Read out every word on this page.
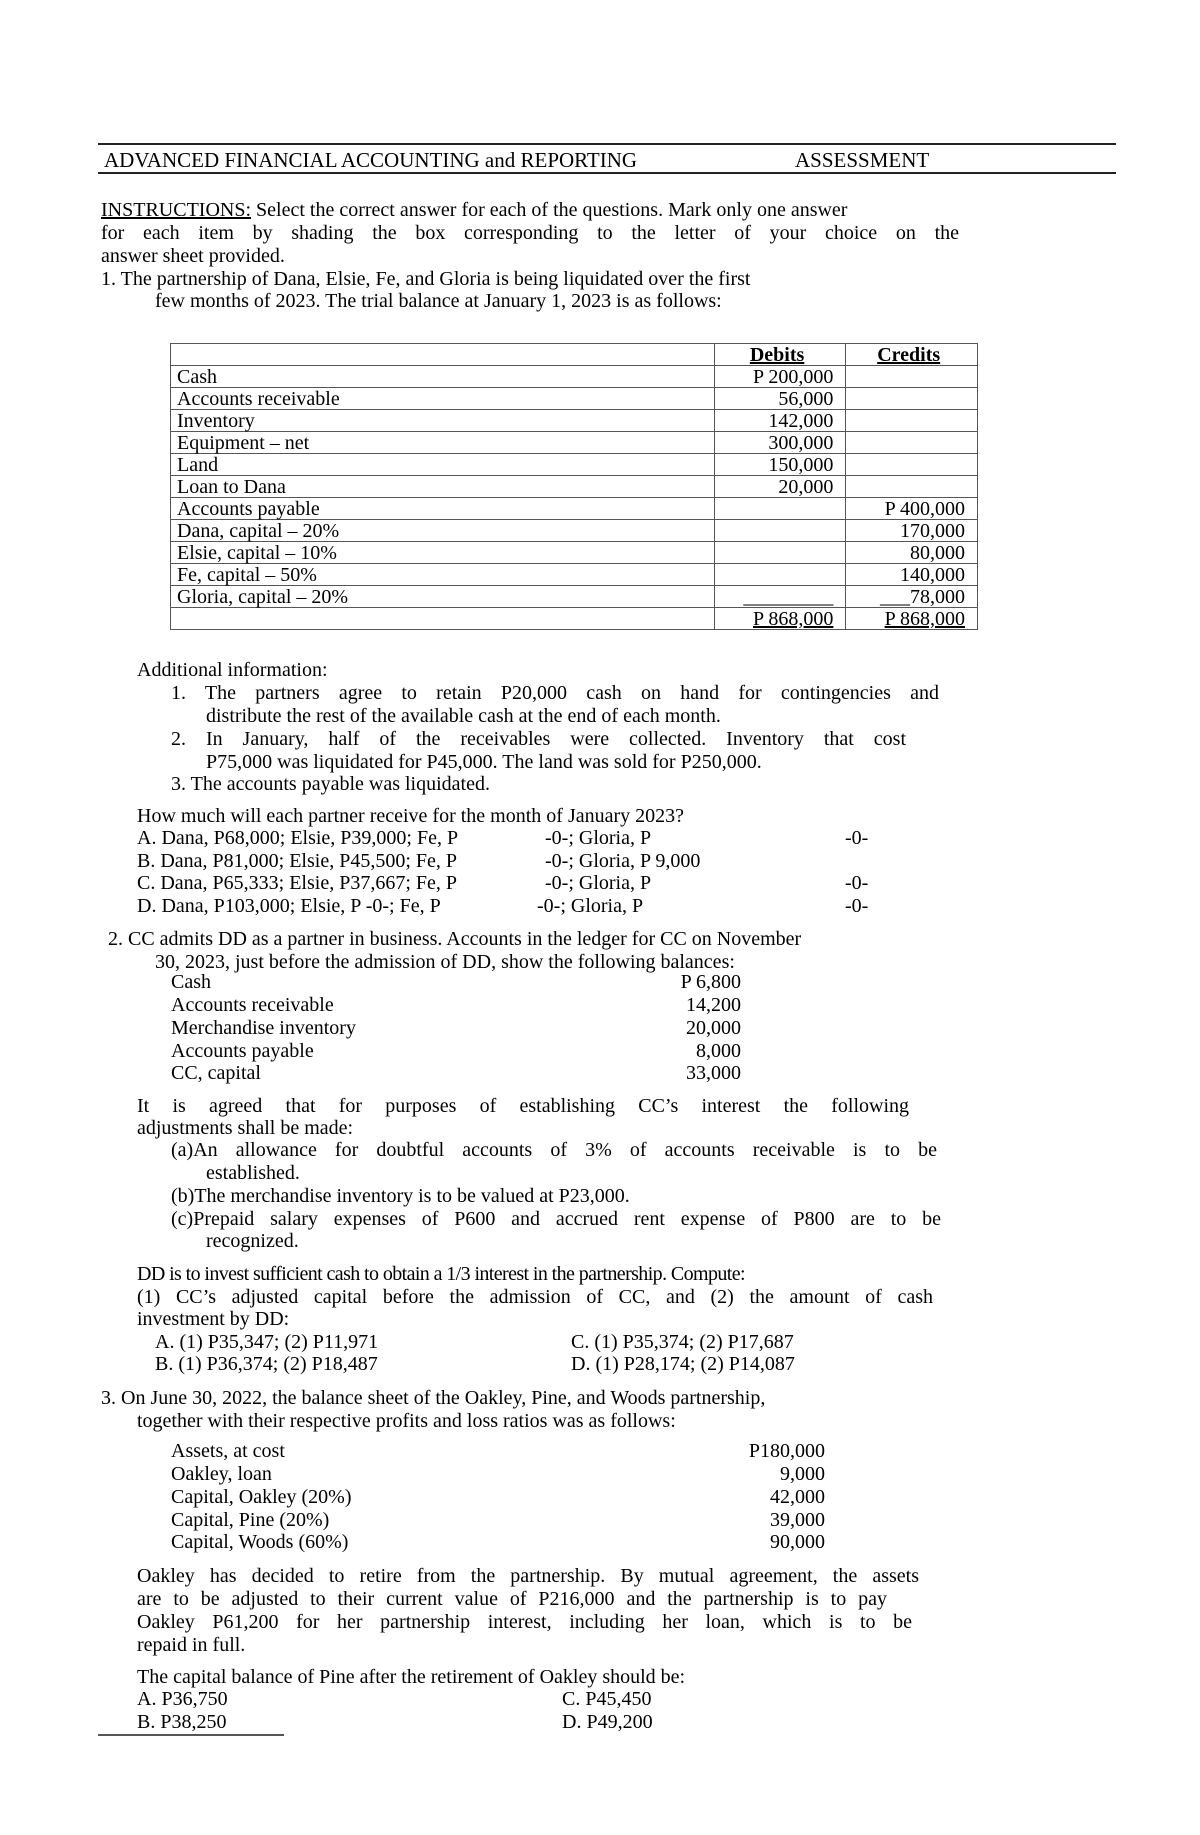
ADVANCED FINANCIAL ACCOUNTING and REPORTING	ASSESSMENT
INSTRUCTIONS: Select the correct answer for each of the questions. Mark only one answer
for each item by shading the box corresponding to the letter of your choice on the
answer sheet provided.
1. The partnership of Dana, Elsie, Fe, and Gloria is being liquidated over the first
few months of 2023. The trial balance at January 1, 2023 is as follows:
	Debits	Credits
Cash	P 200,000	
Accounts receivable	56,000	
Inventory	142,000	
Equipment – net	300,000	
Land	150,000	
Loan to Dana	20,000	
Accounts payable		P 400,000
Dana, capital – 20%		170,000
Elsie, capital – 10%		80,000
Fe, capital – 50%		140,000
Gloria, capital – 20%	_________	___78,000
	P 868,000	P 868,000
Additional information:
1. The partners agree to retain P20,000 cash on hand for contingencies and
distribute the rest of the available cash at the end of each month.
2. In January, half of the receivables were collected. Inventory that cost
P75,000 was liquidated for P45,000. The land was sold for P250,000.
3. The accounts payable was liquidated.
How much will each partner receive for the month of January 2023?
A. Dana, P68,000; Elsie, P39,000; Fe, P	-0-; Gloria, P	-0-
B. Dana, P81,000; Elsie, P45,500; Fe, P	-0-; Gloria, P 9,000
C. Dana, P65,333; Elsie, P37,667; Fe, P	-0-; Gloria, P	-0-
D. Dana, P103,000; Elsie, P -0-; Fe, P	-0-; Gloria, P	-0-
2. CC admits DD as a partner in business. Accounts in the ledger for CC on November
30, 2023, just before the admission of DD, show the following balances:
Cash	P 6,800
Accounts receivable	14,200
Merchandise inventory	20,000
Accounts payable	8,000
CC, capital	33,000
It is agreed that for purposes of establishing CC’s interest the following
adjustments shall be made:
(a)An allowance for doubtful accounts of 3% of accounts receivable is to be
established.
(b)The merchandise inventory is to be valued at P23,000.
(c)Prepaid salary expenses of P600 and accrued rent expense of P800 are to be
recognized.
DD is to invest sufficient cash to obtain a 1/3 interest in the partnership. Compute:
(1) CC’s adjusted capital before the admission of CC, and (2) the amount of cash
investment by DD:
A. (1) P35,347; (2) P11,971	C. (1) P35,374; (2) P17,687
B. (1) P36,374; (2) P18,487	D. (1) P28,174; (2) P14,087
3. On June 30, 2022, the balance sheet of the Oakley, Pine, and Woods partnership,
together with their respective profits and loss ratios was as follows:
Assets, at cost	P180,000
Oakley, loan	9,000
Capital, Oakley (20%)	42,000
Capital, Pine (20%)	39,000
Capital, Woods (60%)	90,000
Oakley has decided to retire from the partnership. By mutual agreement, the assets
are to be adjusted to their current value of P216,000 and the partnership is to pay
Oakley P61,200 for her partnership interest, including her loan, which is to be
repaid in full.
The capital balance of Pine after the retirement of Oakley should be:
A. P36,750	C. P45,450
B. P38,250	D. P49,200
